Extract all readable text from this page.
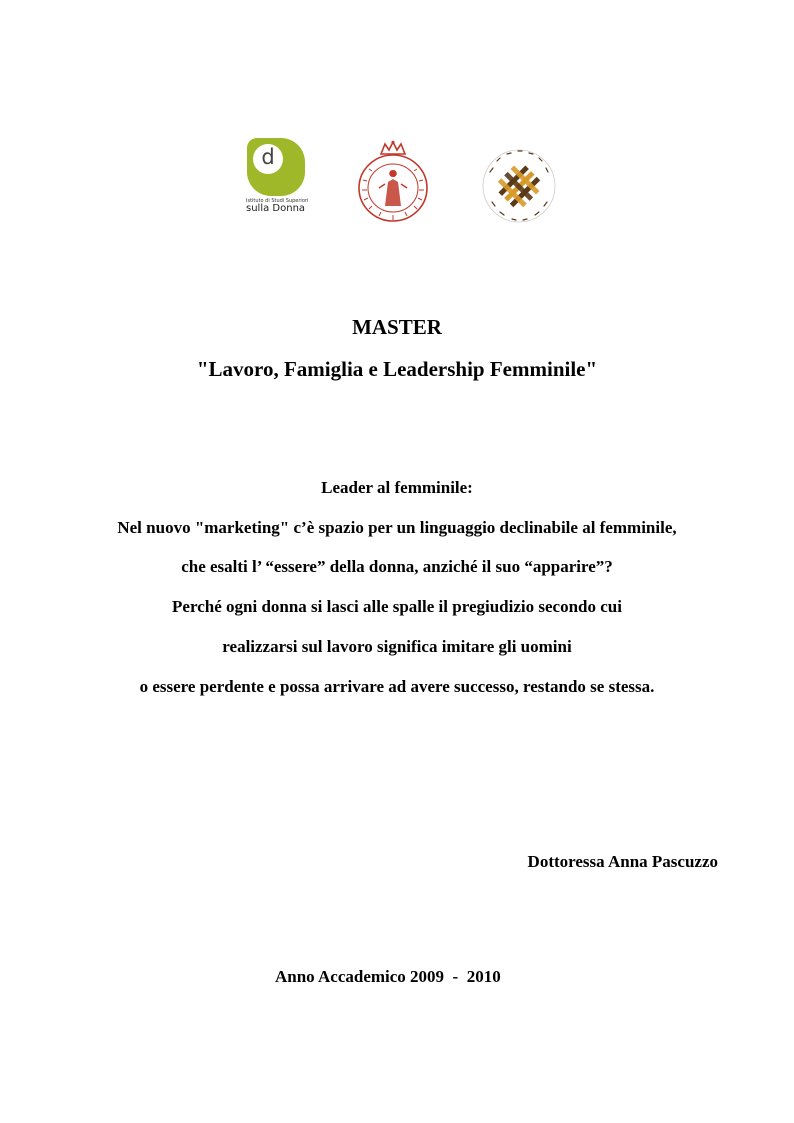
d
Istituto di Studi Superiori
sulla Donna
MASTER
"Lavoro, Famiglia e Leadership Femminile"
Leader al femminile:
Nel nuovo "marketing" c’è spazio per un linguaggio declinabile al femminile,
che esalti l’ “essere” della donna, anziché il suo “apparire”?
Perché ogni donna si lasci alle spalle il pregiudizio secondo cui
realizzarsi sul lavoro significa imitare gli uomini
o essere perdente e possa arrivare ad avere successo, restando se stessa.
Dottoressa Anna Pascuzzo
Anno Accademico 2009  -  2010
